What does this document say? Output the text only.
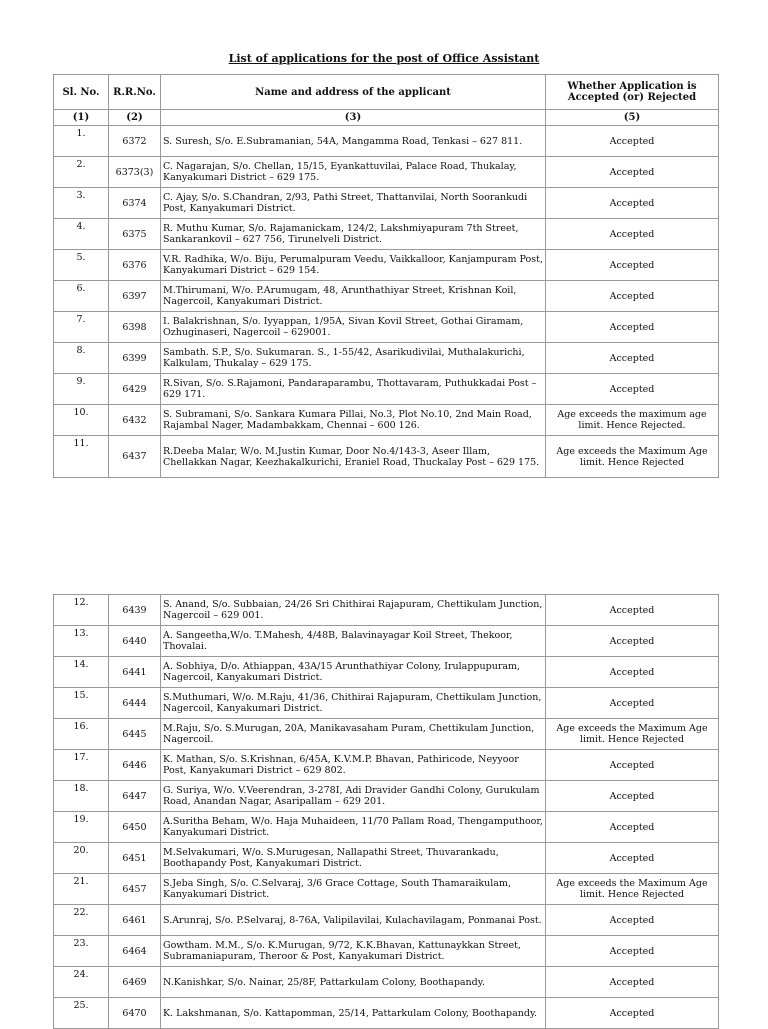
List of applications for the post of Office Assistant
Sl. No.	R.R.No.	Name and address of the applicant	Whether Application is Accepted (or) Rejected
(1)	(2)	(3)	(5)
1.	6372	S. Suresh, S/o. E.Subramanian, 54A, Mangamma Road, Tenkasi – 627 811.	Accepted
2.	6373(3)	C. Nagarajan, S/o. Chellan, 15/15, Eyankattuvilai, Palace Road, Thukalay, Kanyakumari District – 629 175.	Accepted
3.	6374	C. Ajay, S/o. S.Chandran, 2/93, Pathi Street, Thattanvilai, North Soorankudi Post, Kanyakumari District.	Accepted
4.	6375	R. Muthu Kumar, S/o. Rajamanickam, 124/2, Lakshmiyapuram 7th Street, Sankarankovil – 627 756, Tirunelveli District.	Accepted
5.	6376	V.R. Radhika, W/o. Biju, Perumalpuram Veedu, Vaikkalloor, Kanjampuram Post, Kanyakumari District – 629 154.	Accepted
6.	6397	M.Thirumani, W/o. P.Arumugam, 48, Arunthathiyar Street, Krishnan Koil, Nagercoil, Kanyakumari District.	Accepted
7.	6398	I. Balakrishnan, S/o. Iyyappan, 1/95A, Sivan Kovil Street, Gothai Giramam, Ozhuginaseri, Nagercoil – 629001.	Accepted
8.	6399	Sambath. S.P., S/o. Sukumaran. S., 1-55/42, Asarikudivilai, Muthalakurichi, Kalkulam, Thukalay – 629 175.	Accepted
9.	6429	R.Sivan, S/o. S.Rajamoni, Pandaraparambu, Thottavaram, Puthukkadai Post – 629 171.	Accepted
10.	6432	S. Subramani, S/o. Sankara Kumara Pillai, No.3, Plot No.10, 2nd Main Road, Rajambal Nager, Madambakkam, Chennai – 600 126.	Age exceeds the maximum age limit. Hence Rejected.
11.	6437	R.Deeba Malar, W/o. M.Justin Kumar, Door No.4/143-3, Aseer Illam, Chellakkan Nagar, Keezhakalkurichi, Eraniel Road, Thuckalay Post – 629 175.	Age exceeds the Maximum Age limit. Hence Rejected
12.	6439	S. Anand, S/o. Subbaian, 24/26 Sri Chithirai Rajapuram, Chettikulam Junction, Nagercoil – 629 001.	Accepted
13.	6440	A. Sangeetha,W/o. T.Mahesh, 4/48B, Balavinayagar Koil Street, Thekoor, Thovalai.	Accepted
14.	6441	A. Sobhiya, D/o. Athiappan, 43A/15 Arunthathiyar Colony, Irulappupuram, Nagercoil, Kanyakumari District.	Accepted
15.	6444	S.Muthumari, W/o. M.Raju, 41/36, Chithirai Rajapuram, Chettikulam Junction, Nagercoil, Kanyakumari District.	Accepted
16.	6445	M.Raju, S/o. S.Murugan, 20A, Manikavasaham Puram, Chettikulam Junction, Nagercoil.	Age exceeds the Maximum Age limit. Hence Rejected
17.	6446	K. Mathan, S/o. S.Krishnan, 6/45A, K.V.M.P. Bhavan, Pathiricode, Neyyoor Post, Kanyakumari District – 629 802.	Accepted
18.	6447	G. Suriya, W/o. V.Veerendran, 3-278I, Adi Dravider Gandhi Colony, Gurukulam Road, Anandan Nagar, Asaripallam – 629 201.	Accepted
19.	6450	A.Suritha Beham, W/o. Haja Muhaideen, 11/70 Pallam Road, Thengamputhoor, Kanyakumari District.	Accepted
20.	6451	M.Selvakumari, W/o. S.Murugesan, Nallapathi Street, Thuvarankadu, Boothapandy Post, Kanyakumari District.	Accepted
21.	6457	S.Jeba Singh, S/o. C.Selvaraj, 3/6 Grace Cottage, South Thamaraikulam, Kanyakumari District.	Age exceeds the Maximum Age limit. Hence Rejected
22.	6461	S.Arunraj, S/o. P.Selvaraj, 8-76A, Valipilavilai, Kulachavilagam, Ponmanai Post.	Accepted
23.	6464	Gowtham. M.M., S/o. K.Murugan, 9/72, K.K.Bhavan, Kattunaykkan Street, Subramaniapuram, Theroor & Post, Kanyakumari District.	Accepted
24.	6469	N.Kanishkar, S/o. Nainar, 25/8F, Pattarkulam Colony, Boothapandy.	Accepted
25.	6470	K. Lakshmanan, S/o. Kattapomman, 25/14, Pattarkulam Colony, Boothapandy.	Accepted
